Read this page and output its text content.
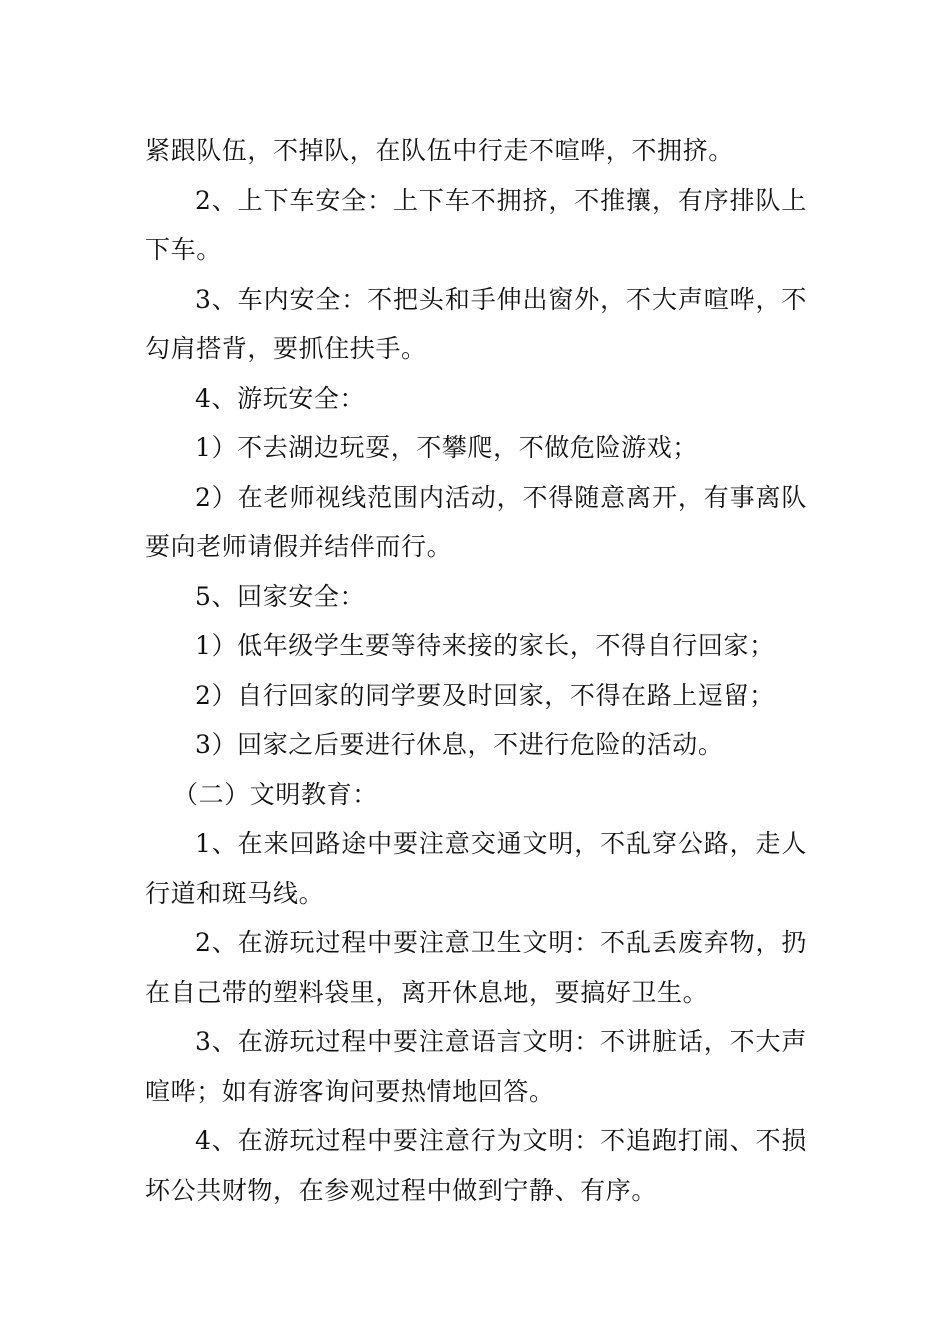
紧跟队伍，不掉队，在队伍中行走不喧哗，不拥挤。

2、上下车安全：上下车不拥挤，不推攘，有序排队上下车。

3、车内安全：不把头和手伸出窗外，不大声喧哗，不勾肩搭背，要抓住扶手。

4、游玩安全：

1）不去湖边玩耍，不攀爬，不做危险游戏；

2）在老师视线范围内活动，不得随意离开，有事离队要向老师请假并结伴而行。

5、回家安全：

1）低年级学生要等待来接的家长，不得自行回家；

2）自行回家的同学要及时回家，不得在路上逗留；

3）回家之后要进行休息，不进行危险的活动。

（二）文明教育：

1、在来回路途中要注意交通文明，不乱穿公路，走人行道和斑马线。

2、在游玩过程中要注意卫生文明：不乱丢废弃物，扔在自己带的塑料袋里，离开休息地，要搞好卫生。

3、在游玩过程中要注意语言文明：不讲脏话，不大声喧哗；如有游客询问要热情地回答。

4、在游玩过程中要注意行为文明：不追跑打闹、不损坏公共财物，在参观过程中做到宁静、有序。
